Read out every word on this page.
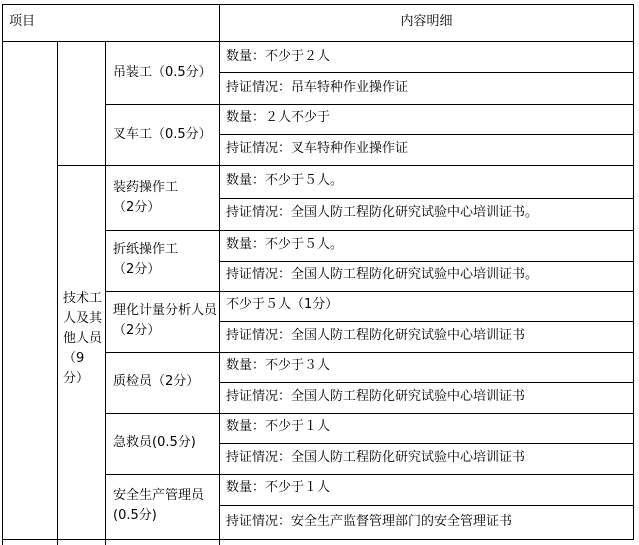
项目	内容明细
技术工人及其他人员（9分）
吊装工（0.5分）
叉车工（0.5分）
装药操作工（2分）
折纸操作工（2分）
理化计量分析人员（2分）
质检员（2分）
急救员(0.5分)
安全生产管理员(0.5分)
数量：不少于２人
数量：２人不少于
数量：不少于５人。
数量：不少于５人。
不少于５人（1分）
数量：不少于３人
数量：不少于１人
数量：不少于１人
持证情况：吊车特种作业操作证
持证情况：叉车特种作业操作证
持证情况：全国人防工程防化研究试验中心培训证书。
持证情况：全国人防工程防化研究试验中心培训证书。
持证情况：全国人防工程防化研究试验中心培训证书
持证情况：全国人防工程防化研究试验中心培训证书
持证情况：全国人防工程防化研究试验中心培训证书
持证情况：安全生产监督管理部门的安全管理证书
